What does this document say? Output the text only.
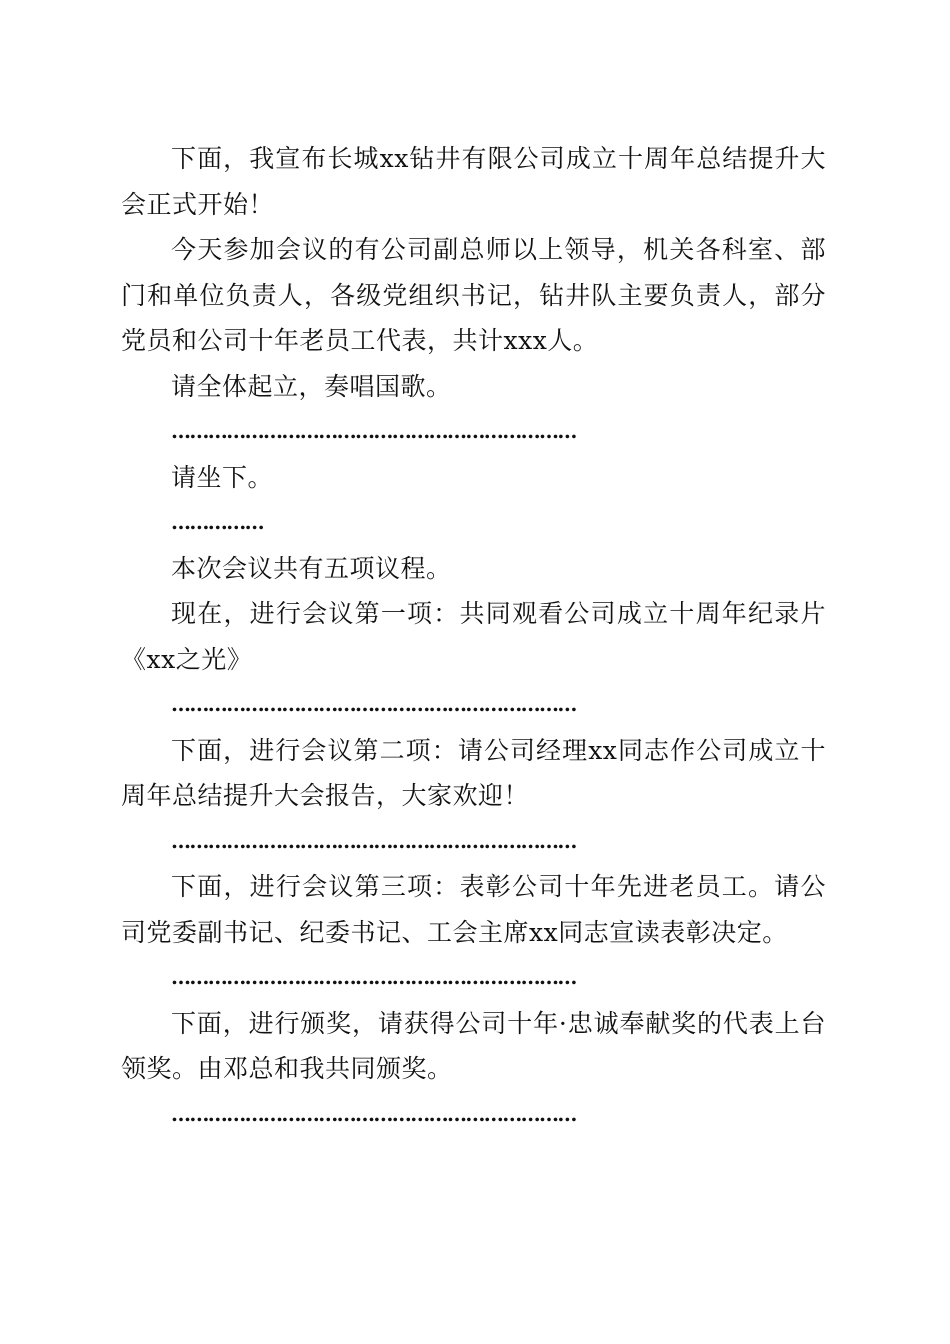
下面，我宣布长城xx钻井有限公司成立十周年总结提升大会正式开始！

今天参加会议的有公司副总师以上领导，机关各科室、部门和单位负责人，各级党组织书记，钻井队主要负责人，部分党员和公司十年老员工代表，共计xxx人。

请全体起立，奏唱国歌。

…………………………………………………………

请坐下。

……………

本次会议共有五项议程。

现在，进行会议第一项：共同观看公司成立十周年纪录片《xx之光》

…………………………………………………………

下面，进行会议第二项：请公司经理xx同志作公司成立十周年总结提升大会报告，大家欢迎！

…………………………………………………………

下面，进行会议第三项：表彰公司十年先进老员工。请公司党委副书记、纪委书记、工会主席xx同志宣读表彰决定。

…………………………………………………………

下面，进行颁奖，请获得公司十年·忠诚奉献奖的代表上台领奖。由邓总和我共同颁奖。

…………………………………………………………
